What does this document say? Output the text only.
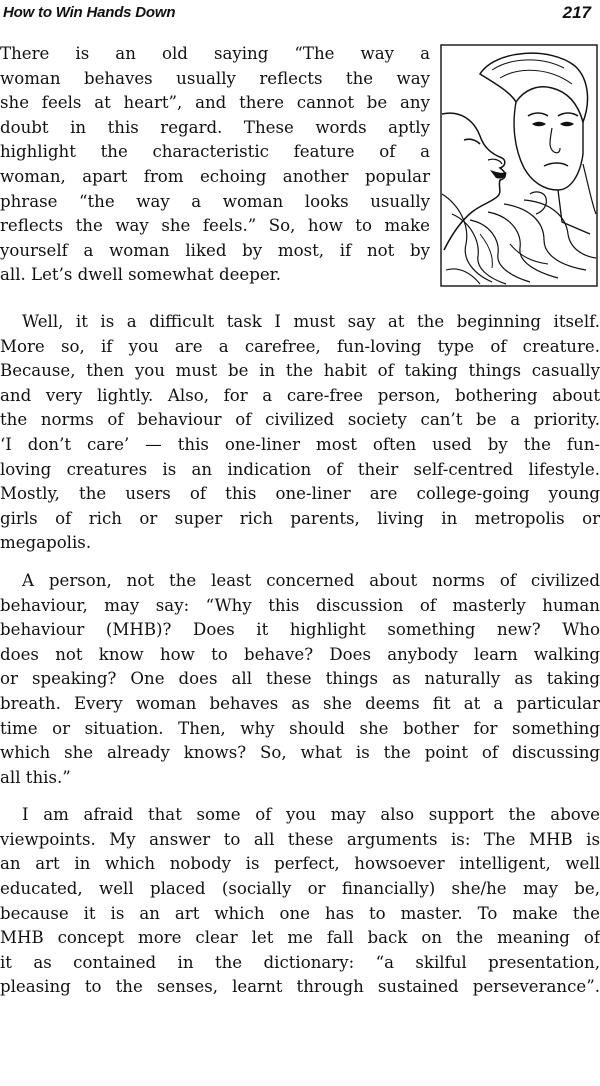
How to Win Hands Down	217
There is an old saying “The way a
woman behaves usually reflects the way
she feels at heart”, and there cannot be any
doubt in this regard. These words aptly
highlight the characteristic feature of a
woman, apart from echoing another popular
phrase “the way a woman looks usually
reflects the way she feels.” So, how to make
yourself a woman liked by most, if not by
all. Let’s dwell somewhat deeper.
Well, it is a difficult task I must say at the beginning itself.
More so, if you are a carefree, fun-loving type of creature.
Because, then you must be in the habit of taking things casually
and very lightly. Also, for a care-free person, bothering about
the norms of behaviour of civilized society can’t be a priority.
‘I don’t care’ — this one-liner most often used by the fun-
loving creatures is an indication of their self-centred lifestyle.
Mostly, the users of this one-liner are college-going young
girls of rich or super rich parents, living in metropolis or
megapolis.
A person, not the least concerned about norms of civilized
behaviour, may say: “Why this discussion of masterly human
behaviour (MHB)? Does it highlight something new? Who
does not know how to behave? Does anybody learn walking
or speaking? One does all these things as naturally as taking
breath. Every woman behaves as she deems fit at a particular
time or situation. Then, why should she bother for something
which she already knows? So, what is the point of discussing
all this.”
I am afraid that some of you may also support the above
viewpoints. My answer to all these arguments is: The MHB is
an art in which nobody is perfect, howsoever intelligent, well
educated, well placed (socially or financially) she/he may be,
because it is an art which one has to master. To make the
MHB concept more clear let me fall back on the meaning of
it as contained in the dictionary: “a skilful presentation,
pleasing to the senses, learnt through sustained perseverance”.
